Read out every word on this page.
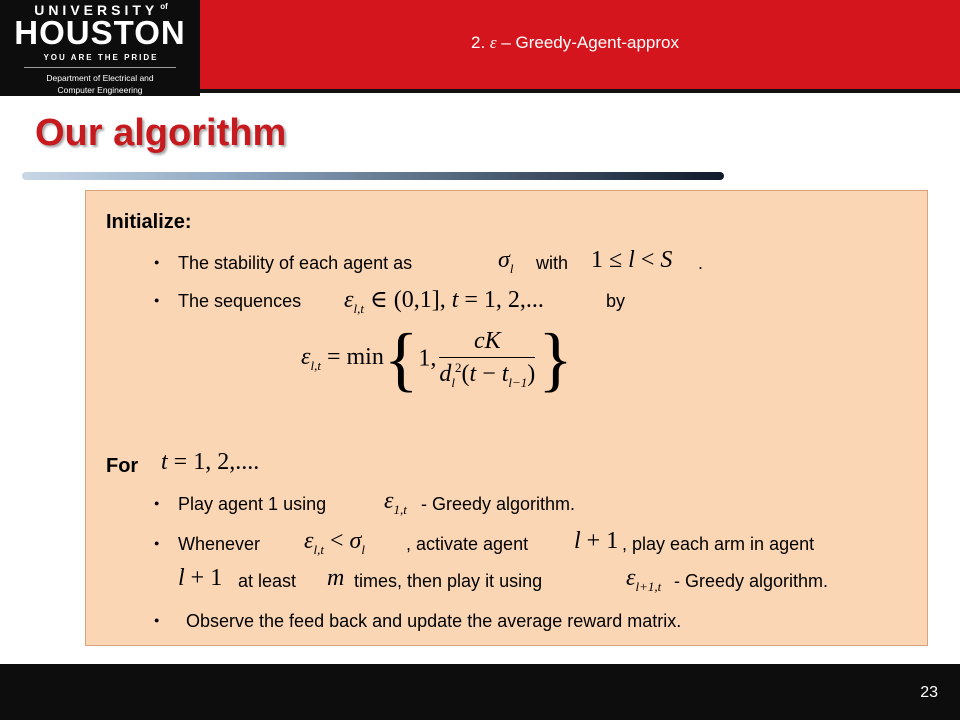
2. ε – Greedy-Agent-approx
UNIVERSITY $^{of}$
HOUSTON
YOU ARE THE PRIDE
Department of Electrical and
Computer Engineering
Our algorithm
Initialize:
● The stability of each agent as	$\sigma_l$ with 1 ≤ l < S .
● The sequences $\varepsilon_{l,t}$ ∈ (0,1], t = 1, 2,...	by
$\varepsilon_{l,t} = \min\{1$, $\frac{cK}{d_l^2(t - t_{l-1})}$ }
For t = 1, 2,....
● Play agent 1 using $\varepsilon_{1,t}$ - Greedy algorithm.
● Whenever $\varepsilon_{l,t} < \sigma_l$ , activate agent l + 1 , play each arm in agent
l + 1 at least m times, then play it using	$\varepsilon_{l+1,t}$ - Greedy algorithm.
● Observe the feed back and update the average reward matrix.
23
